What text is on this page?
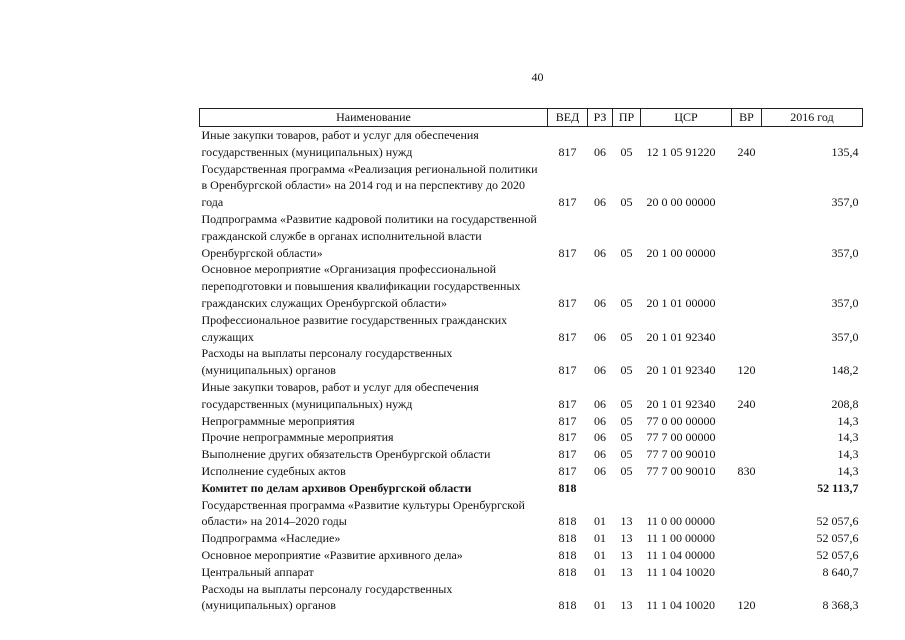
40
Наименование	ВЕД	РЗ	ПР	ЦСР	ВР	2016 год
Иные закупки товаров, работ и услуг для обеспечения государственных (муниципальных) нужд	817	06	05	12 1 05 91220	240	135,4
Государственная программа «Реализация региональной политики в Оренбургской области» на 2014 год и на перспективу до 2020 года	817	06	05	20 0 00 00000		357,0
Подпрограмма «Развитие кадровой политики на государственной гражданской службе в органах исполнительной власти Оренбургской области»	817	06	05	20 1 00 00000		357,0
Основное мероприятие «Организация профессиональной переподготовки и повышения квалификации государственных гражданских служащих Оренбургской области»	817	06	05	20 1 01 00000		357,0
Профессиональное развитие государственных гражданских служащих	817	06	05	20 1 01 92340		357,0
Расходы на выплаты персоналу государственных (муниципальных) органов	817	06	05	20 1 01 92340	120	148,2
Иные закупки товаров, работ и услуг для обеспечения государственных (муниципальных) нужд	817	06	05	20 1 01 92340	240	208,8
Непрограммные мероприятия	817	06	05	77 0 00 00000		14,3
Прочие непрограммные мероприятия	817	06	05	77 7 00 00000		14,3
Выполнение других обязательств Оренбургской области	817	06	05	77 7 00 90010		14,3
Исполнение судебных актов	817	06	05	77 7 00 90010	830	14,3
Комитет по делам архивов Оренбургской области	818					52 113,7
Государственная программа «Развитие культуры Оренбургской области» на 2014–2020 годы	818	01	13	11 0 00 00000		52 057,6
Подпрограмма «Наследие»	818	01	13	11 1 00 00000		52 057,6
Основное мероприятие «Развитие архивного дела»	818	01	13	11 1 04 00000		52 057,6
Центральный аппарат	818	01	13	11 1 04 10020		8 640,7
Расходы на выплаты персоналу государственных (муниципальных) органов	818	01	13	11 1 04 10020	120	8 368,3
